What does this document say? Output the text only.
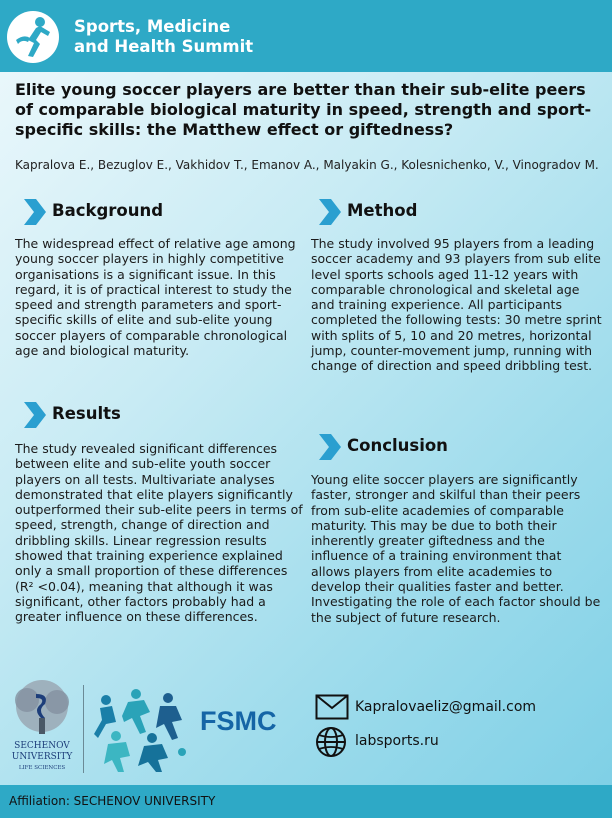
Sports, Medicine
and Health Summit
Elite young soccer players are better than their sub-elite peers of comparable biological maturity in speed, strength and sport-specific skills: the Matthew effect or giftedness?
Kapralova E., Bezuglov E., Vakhidov T., Emanov A., Malyakin G., Kolesnichenko, V., Vinogradov M.
Background
The widespread effect of relative age among young soccer players in highly competitive organisations is a significant issue. In this regard, it is of practical interest to study the speed and strength parameters and sport-specific skills of elite and sub-elite young soccer players of comparable chronological age and biological maturity.
Method
The study involved 95 players from a leading soccer academy and 93 players from sub elite level sports schools aged 11-12 years with comparable chronological and skeletal age and training experience. All participants completed the following tests: 30 metre sprint with splits of 5, 10 and 20 metres, horizontal jump, counter-movement jump, running with change of direction and speed dribbling test.
Results
The study revealed significant differences between elite and sub-elite youth soccer players on all tests. Multivariate analyses demonstrated that elite players significantly outperformed their sub-elite peers in terms of speed, strength, change of direction and dribbling skills. Linear regression results showed that training experience explained only a small proportion of these differences (R² <0.04), meaning that although it was significant, other factors probably had a greater influence on these differences.
Conclusion
Young elite soccer players are significantly faster, stronger and skilful than their peers from sub-elite academies of comparable maturity. This may be due to both their inherently greater giftedness and the influence of a training environment that allows players from elite academies to develop their qualities faster and better. Investigating the role of each factor should be the subject of future research.
SECHENOV
UNIVERSITY
LIFE SCIENCES
FSMC	Kapralovaeliz@gmail.com
labsports.ru
Affiliation: SECHENOV UNIVERSITY
